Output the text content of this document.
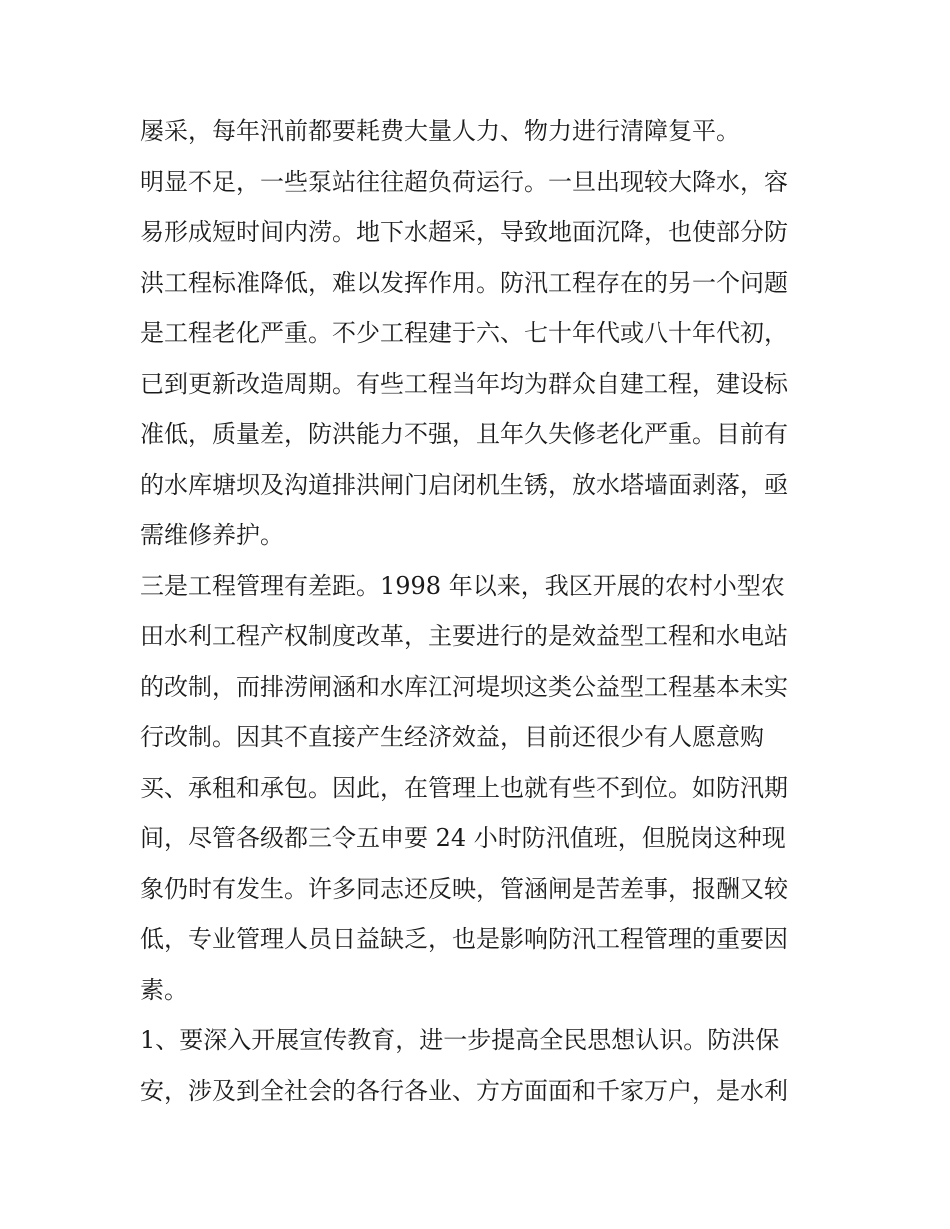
屡采，每年汛前都要耗费大量人力、物力进行清障复平。
明显不足，一些泵站往往超负荷运行。一旦出现较大降水，容
易形成短时间内涝。地下水超采，导致地面沉降，也使部分防
洪工程标准降低，难以发挥作用。防汛工程存在的另一个问题
是工程老化严重。不少工程建于六、七十年代或八十年代初，
已到更新改造周期。有些工程当年均为群众自建工程，建设标
准低，质量差，防洪能力不强，且年久失修老化严重。目前有
的水库塘坝及沟道排洪闸门启闭机生锈，放水塔墙面剥落，亟
需维修养护。
三是工程管理有差距。1998 年以来，我区开展的农村小型农
田水利工程产权制度改革，主要进行的是效益型工程和水电站
的改制，而排涝闸涵和水库江河堤坝这类公益型工程基本未实
行改制。因其不直接产生经济效益，目前还很少有人愿意购
买、承租和承包。因此，在管理上也就有些不到位。如防汛期
间，尽管各级都三令五申要 24 小时防汛值班，但脱岗这种现
象仍时有发生。许多同志还反映，管涵闸是苦差事，报酬又较
低，专业管理人员日益缺乏，也是影响防汛工程管理的重要因
素。
1、要深入开展宣传教育，进一步提高全民思想认识。防洪保
安，涉及到全社会的各行各业、方方面面和千家万户，是水利
